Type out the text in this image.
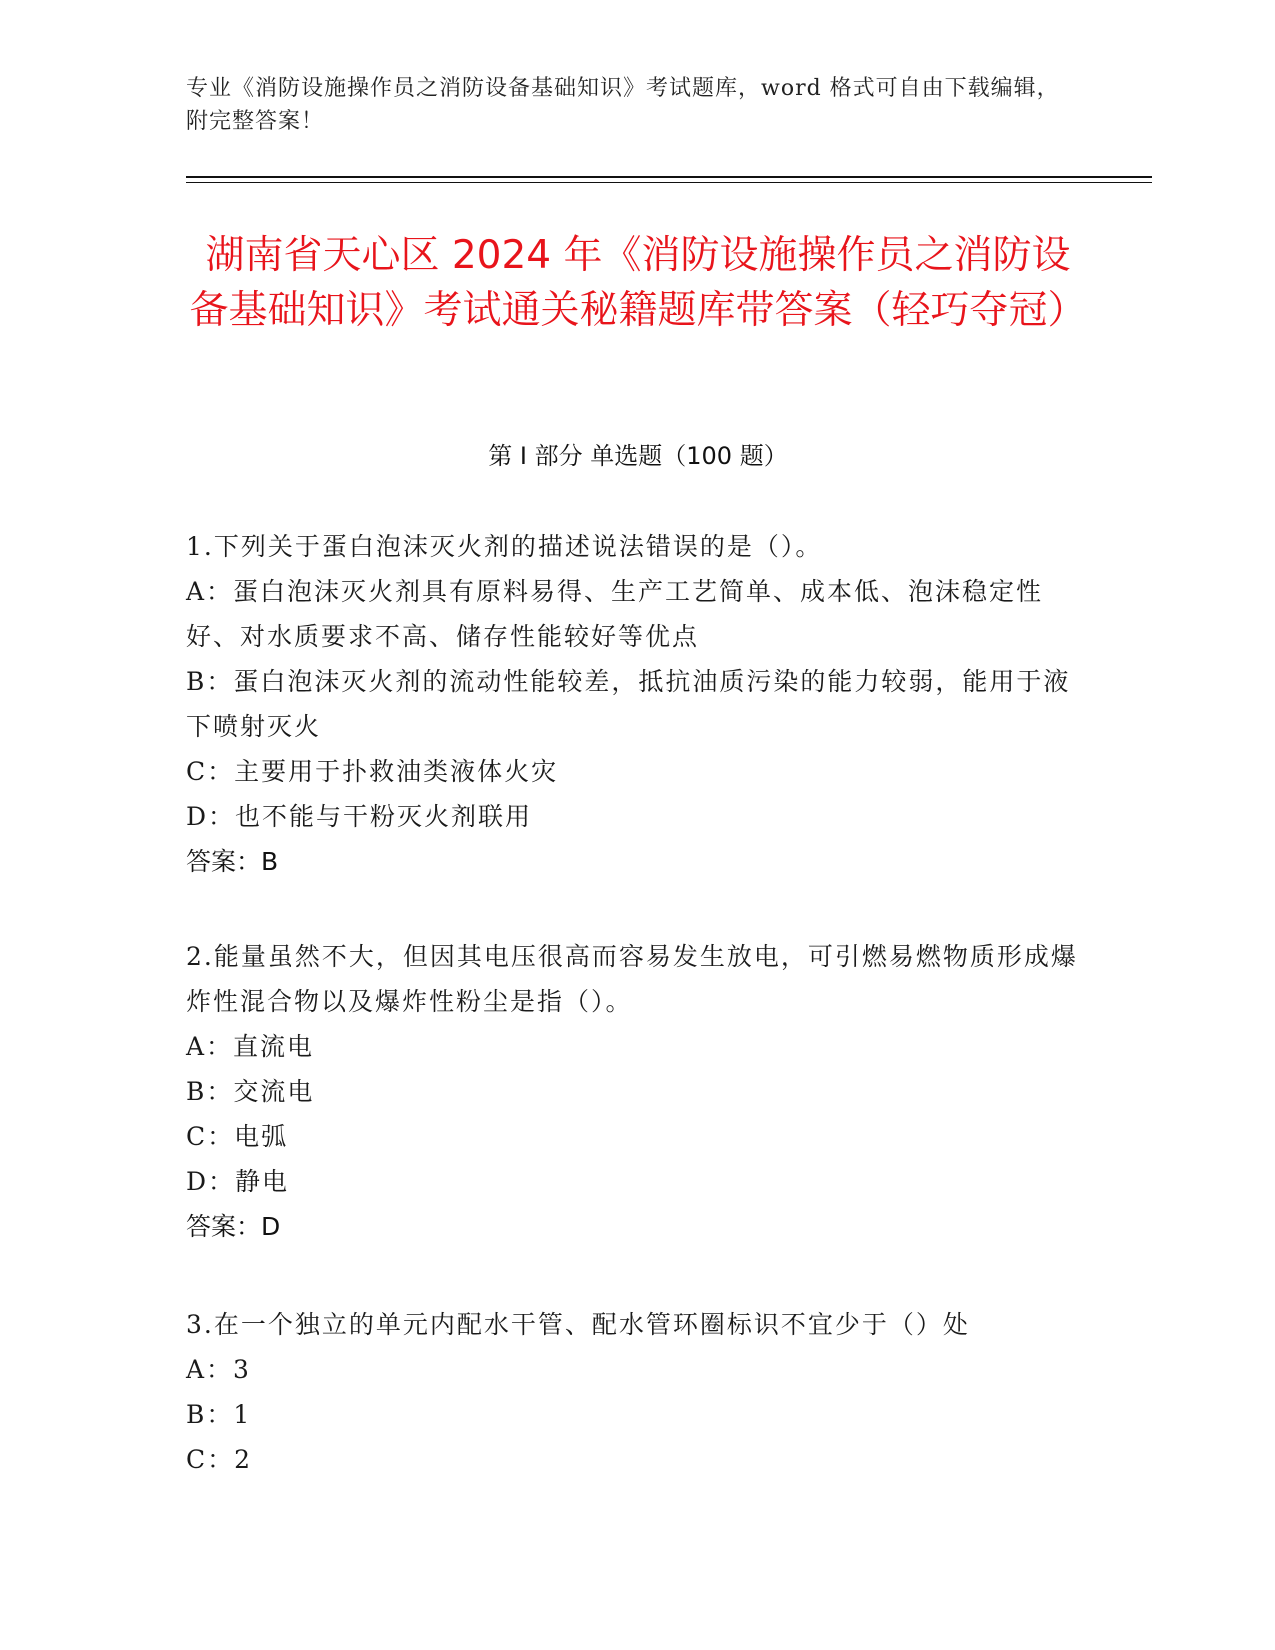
专业《消防设施操作员之消防设备基础知识》考试题库，word 格式可自由下载编辑，附完整答案！
湖南省天心区 2024 年《消防设施操作员之消防设备基础知识》考试通关秘籍题库带答案（轻巧夺冠）
第 I 部分 单选题（100 题）
1.下列关于蛋白泡沫灭火剂的描述说法错误的是（）。
A：蛋白泡沫灭火剂具有原料易得、生产工艺简单、成本低、泡沫稳定性好、对水质要求不高、储存性能较好等优点
B：蛋白泡沫灭火剂的流动性能较差，抵抗油质污染的能力较弱，能用于液下喷射灭火
C：主要用于扑救油类液体火灾
D：也不能与干粉灭火剂联用
答案：B
2.能量虽然不大，但因其电压很高而容易发生放电，可引燃易燃物质形成爆炸性混合物以及爆炸性粉尘是指（）。
A：直流电
B：交流电
C：电弧
D：静电
答案：D
3.在一个独立的单元内配水干管、配水管环圈标识不宜少于（）处
A：3
B：1
C：2
